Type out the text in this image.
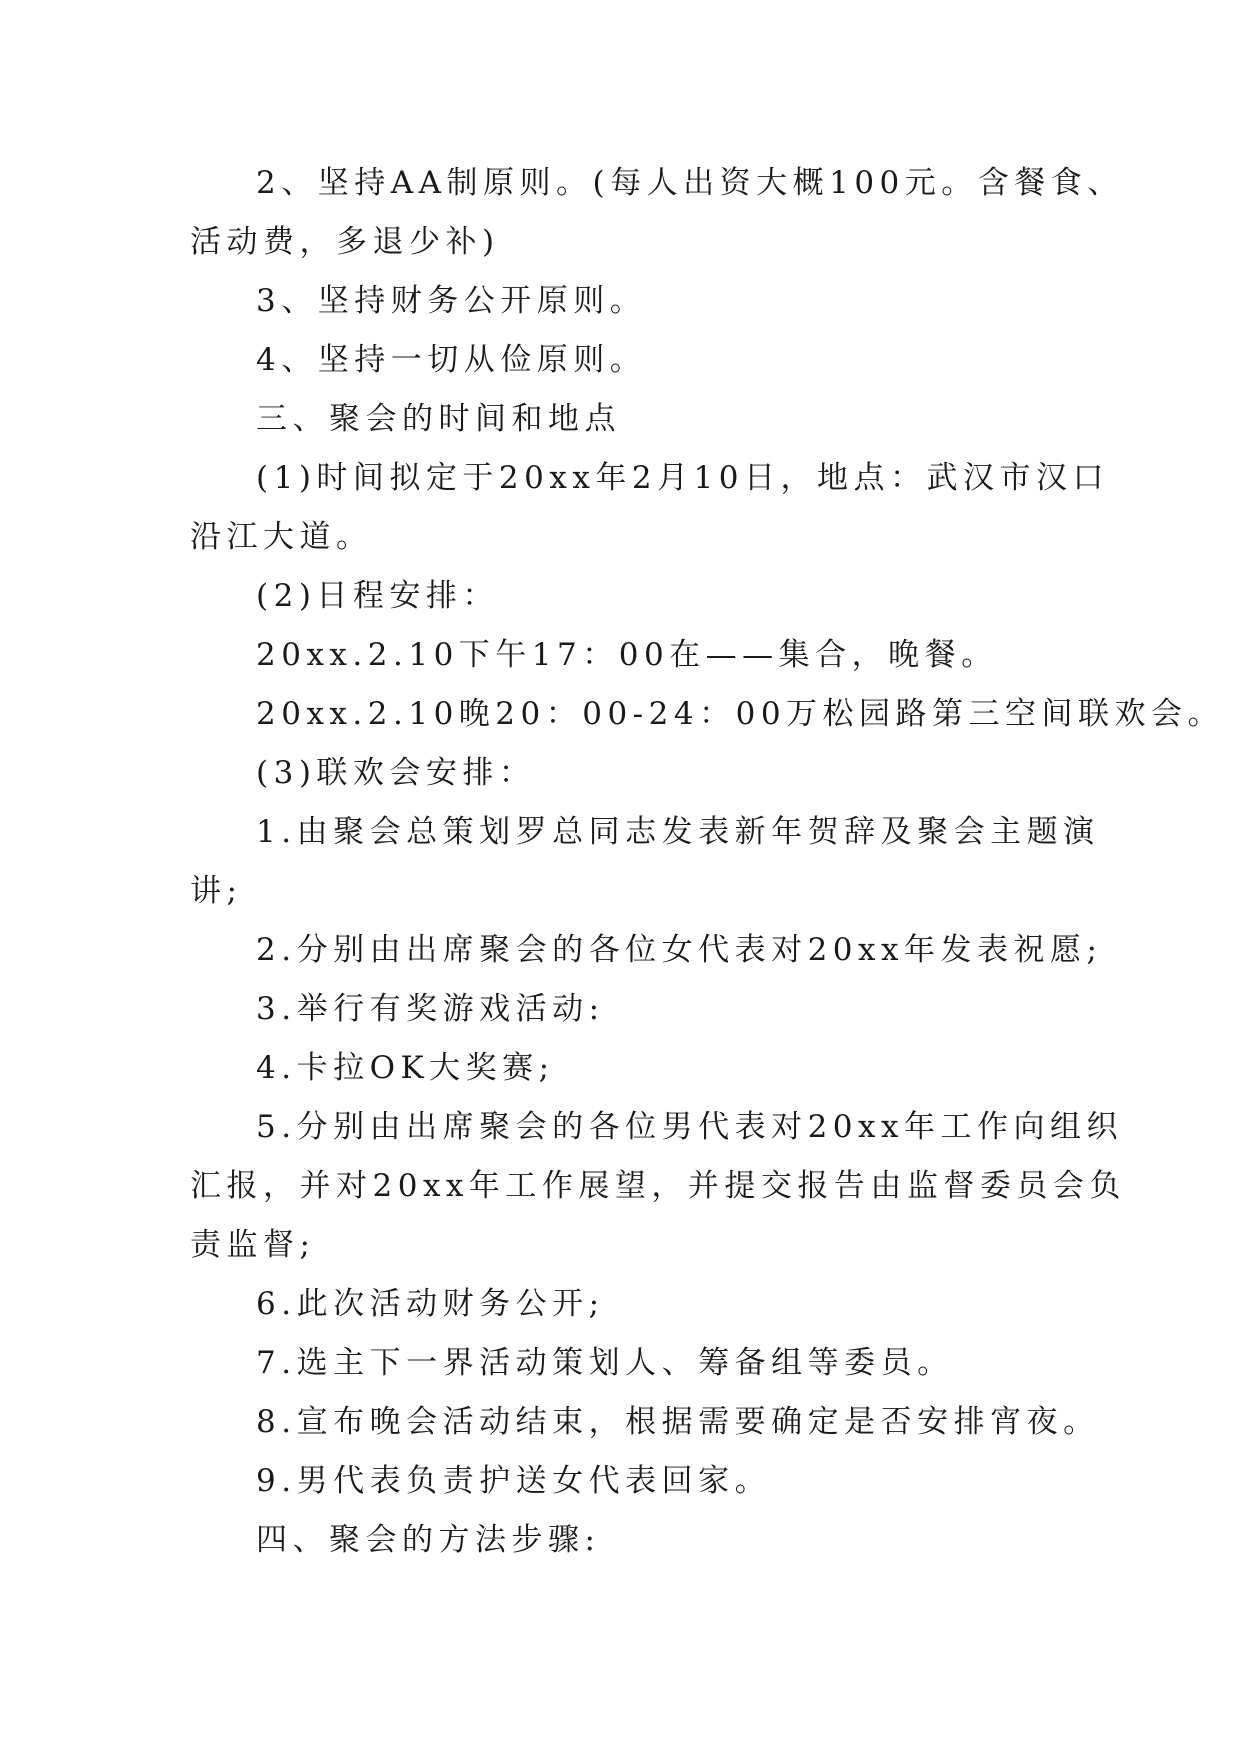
2、坚持AA制原则。(每人出资大概100元。含餐食、
活动费，多退少补)
3、坚持财务公开原则。
4、坚持一切从俭原则。
三、聚会的时间和地点
(1)时间拟定于20xx年2月10日，地点：武汉市汉口
沿江大道。
(2)日程安排：
20xx.2.10下午17：00在——集合，晚餐。
20xx.2.10晚20：00-24：00万松园路第三空间联欢会。
(3)联欢会安排：
1.由聚会总策划罗总同志发表新年贺辞及聚会主题演
讲;
2.分别由出席聚会的各位女代表对20xx年发表祝愿;
3.举行有奖游戏活动:
4.卡拉OK大奖赛;
5.分别由出席聚会的各位男代表对20xx年工作向组织
汇报，并对20xx年工作展望，并提交报告由监督委员会负
责监督;
6.此次活动财务公开;
7.选主下一界活动策划人、筹备组等委员。
8.宣布晚会活动结束，根据需要确定是否安排宵夜。
9.男代表负责护送女代表回家。
四、聚会的方法步骤:
